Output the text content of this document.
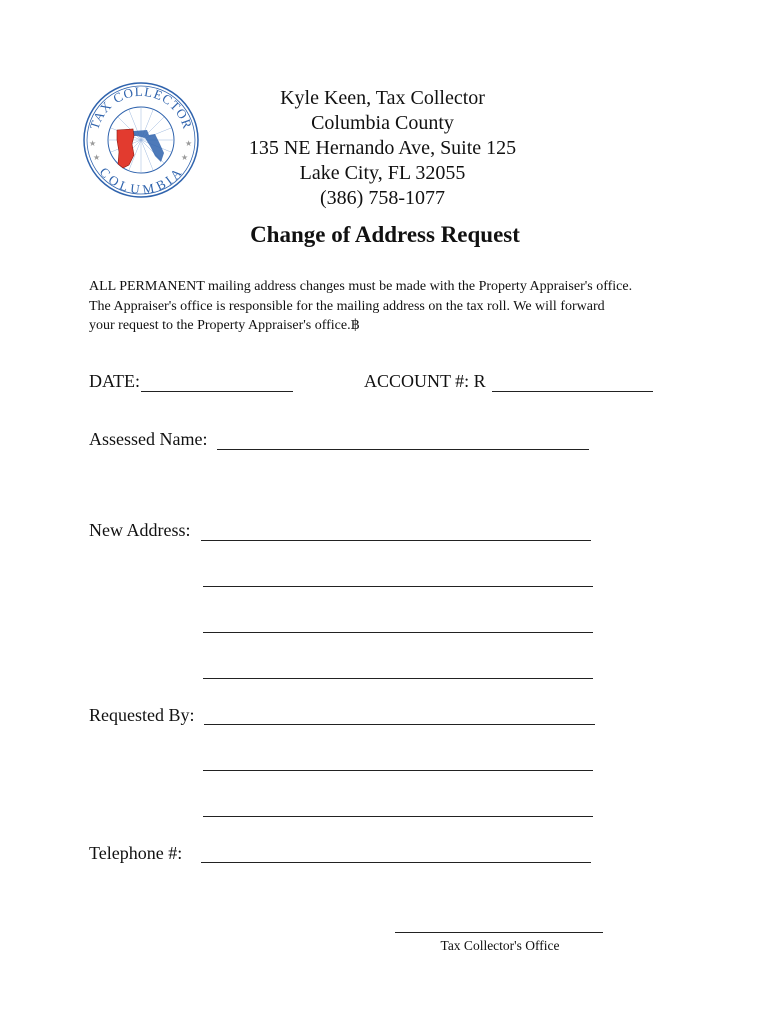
TAX COLLECTOR
COLUMBIA
★
★
★
★
Kyle Keen, Tax Collector
Columbia County
135 NE Hernando Ave, Suite 125
Lake City, FL 32055
(386) 758-1077
Change of Address Request
ALL PERMANENT mailing address changes must be made with the Property Appraiser's office.
The Appraiser's office is responsible for the mailing address on the tax roll. We will forward
your request to the Property Appraiser's office.฿
DATE:	ACCOUNT #: R
Assessed Name:
New Address:
Requested By:
Telephone #:
Tax Collector's Office
